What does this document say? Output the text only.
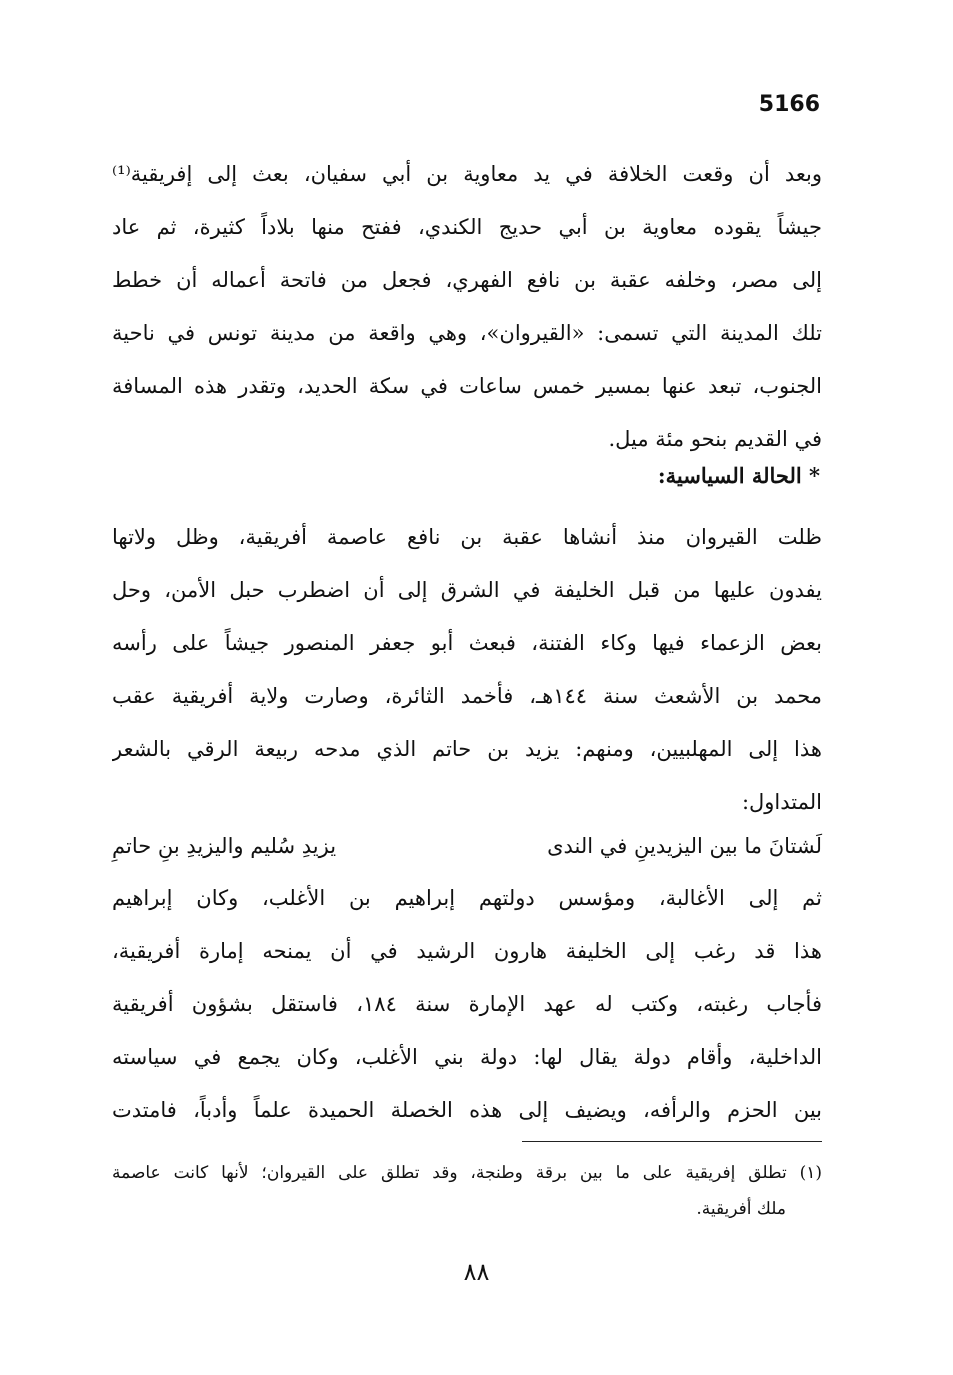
5166
وبعد أن وقعت الخلافة في يد معاوية بن أبي سفيان، بعث إلى إفريقية⁽¹⁾
جيشاً يقوده معاوية بن أبي حديج الكندي، ففتح منها بلاداً كثيرة، ثم عاد
إلى مصر، وخلفه عقبة بن نافع الفهري، فجعل من فاتحة أعماله أن خطط
تلك المدينة التي تسمى: «القيروان»، وهي واقعة من مدينة تونس في ناحية
الجنوب، تبعد عنها بمسير خمس ساعات في سكة الحديد، وتقدر هذه المسافة
في القديم بنحو مئة ميل.
* الحالة السياسية:
ظلت القيروان منذ أنشاها عقبة بن نافع عاصمة أفريقية، وظل ولاتها
يفدون عليها من قبل الخليفة في الشرق إلى أن اضطرب حبل الأمن، وحل
بعض الزعماء فيها وكاء الفتنة، فبعث أبو جعفر المنصور جيشاً على رأسه
محمد بن الأشعث سنة ١٤٤هـ، فأخمد الثائرة، وصارت ولاية أفريقية عقب
هذا إلى المهلبيين، ومنهم: يزيد بن حاتم الذي مدحه ربيعة الرقي بالشعر
المتداول:
لَشتانَ ما بين اليزيدينِ في الندى
يزيدِ سُليم واليزيدِ بنِ حاتمِ
ثم إلى الأغالبة، ومؤسس دولتهم إبراهيم بن الأغلب، وكان إبراهيم
هذا قد رغب إلى الخليفة هارون الرشيد في أن يمنحه إمارة أفريقية،
فأجاب رغبته، وكتب له عهد الإمارة سنة ١٨٤، فاستقل بشؤون أفريقية
الداخلية، وأقام دولة يقال لها: دولة بني الأغلب، وكان يجمع في سياسته
بين الحزم والرأفه، ويضيف إلى هذه الخصلة الحميدة علماً وأدباً، فامتدت
(١) تطلق إفريقية على ما بين برقة وطنجة، وقد تطلق على القيروان؛ لأنها كانت عاصمة
ملك أفريقية.
٨٨
